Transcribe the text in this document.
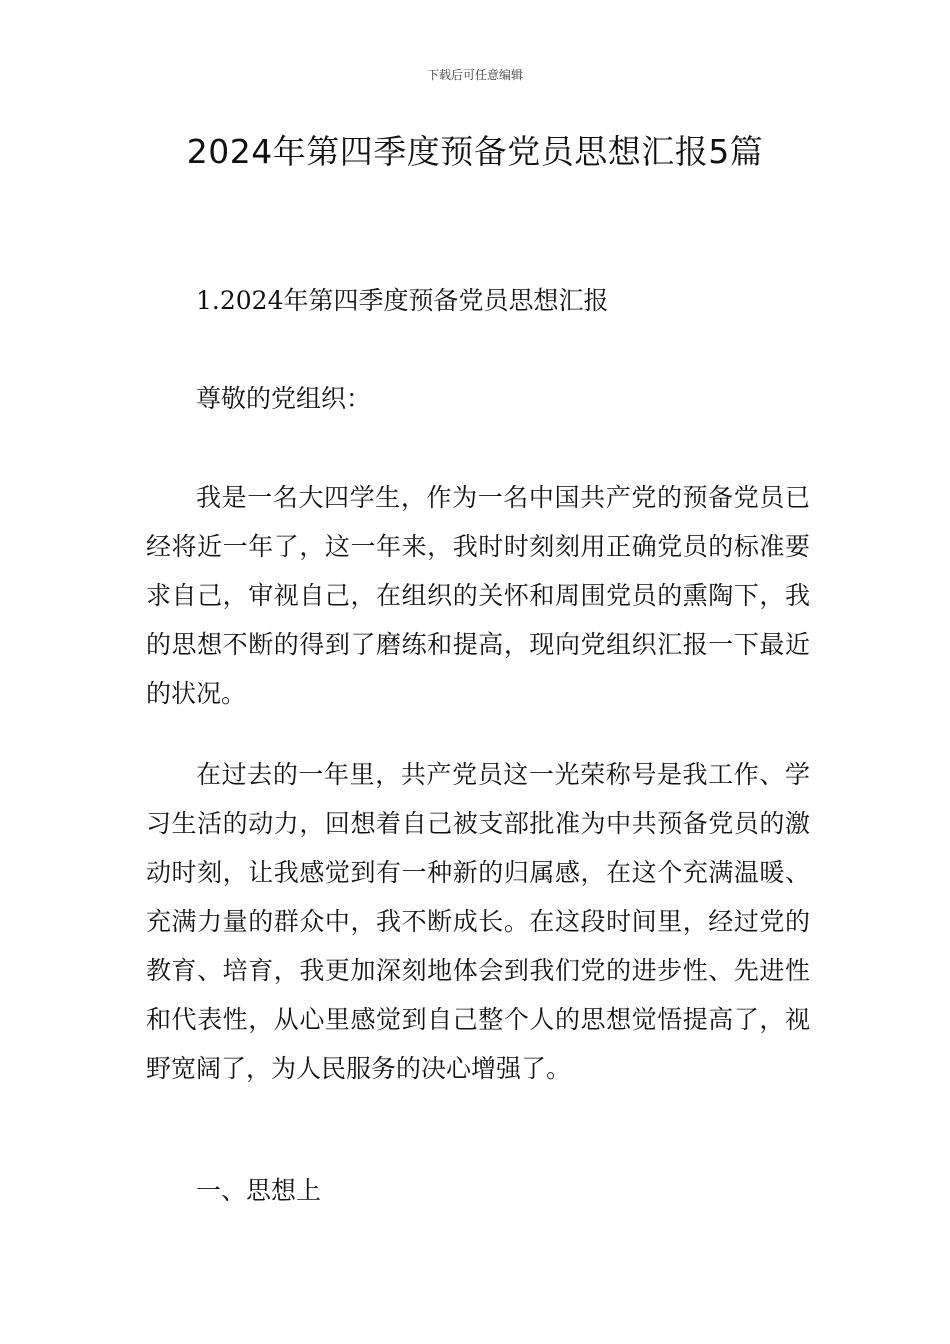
下载后可任意编辑
2024年第四季度预备党员思想汇报5篇

1.2024年第四季度预备党员思想汇报

尊敬的党组织：

我是一名大四学生，作为一名中国共产党的预备党员已经将近一年了，这一年来，我时时刻刻用正确党员的标准要求自己，审视自己，在组织的关怀和周围党员的熏陶下，我的思想不断的得到了磨练和提高，现向党组织汇报一下最近的状况。

在过去的一年里，共产党员这一光荣称号是我工作、学习生活的动力，回想着自己被支部批准为中共预备党员的激动时刻，让我感觉到有一种新的归属感，在这个充满温暖、充满力量的群众中，我不断成长。在这段时间里，经过党的教育、培育，我更加深刻地体会到我们党的进步性、先进性和代表性，从心里感觉到自己整个人的思想觉悟提高了，视野宽阔了，为人民服务的决心增强了。

一、思想上
